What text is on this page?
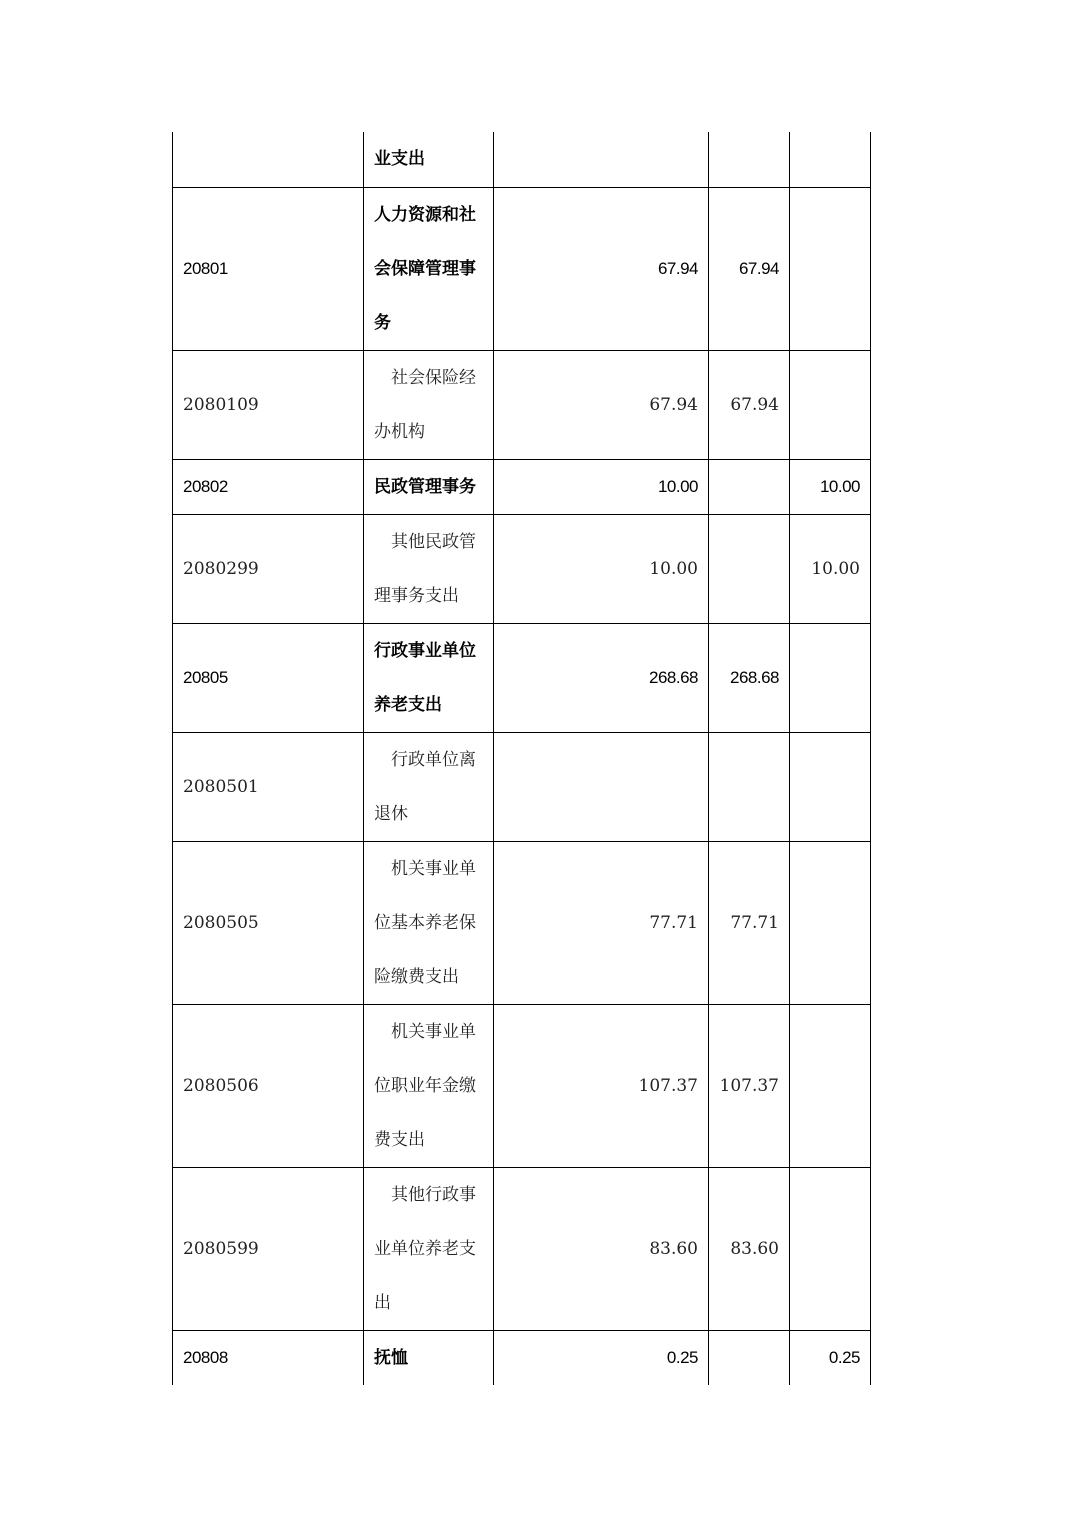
	业支出			

20801	人力资源和社会保障管理事务	67.94	67.94	
2080109	社会保险经办机构	67.94	67.94	
20802	民政管理事务	10.00		10.00
2080299	其他民政管理事务支出	10.00		10.00
20805	行政事业单位养老支出	268.68	268.68	
2080501	行政单位离退休			

2080505	机关事业单位基本养老保险缴费支出	77.71	77.71	
2080506	机关事业单位职业年金缴费支出	107.37	107.37	
2080599	其他行政事业单位养老支出	83.60	83.60	
20808	抚恤	0.25		0.25
